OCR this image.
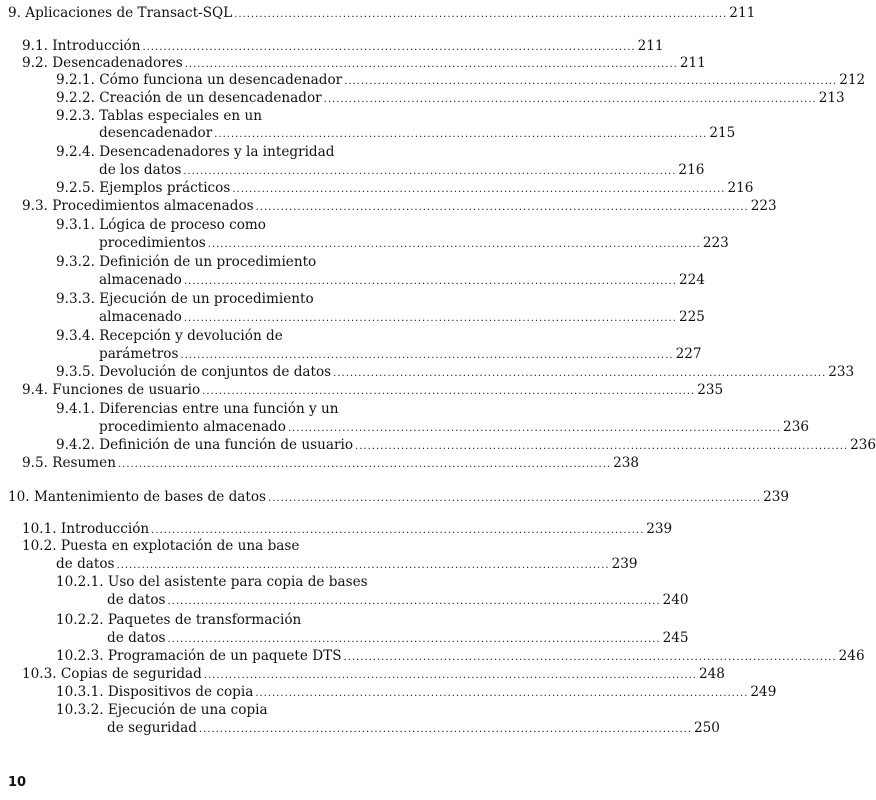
9. Aplicaciones de Transact-SQL ...................................................................................................................... 211
9.1. Introducción ...................................................................................................................... 211
9.2. Desencadenadores ...................................................................................................................... 211
9.2.1. Cómo funciona un desencadenador ...................................................................................................................... 212
9.2.2. Creación de un desencadenador ...................................................................................................................... 213
9.2.3. Tablas especiales en un
desencadenador ...................................................................................................................... 215
9.2.4. Desencadenadores y la integridad
de los datos ...................................................................................................................... 216
9.2.5. Ejemplos prácticos ...................................................................................................................... 216
9.3. Procedimientos almacenados ...................................................................................................................... 223
9.3.1. Lógica de proceso como
procedimientos ...................................................................................................................... 223
9.3.2. Definición de un procedimiento
almacenado ...................................................................................................................... 224
9.3.3. Ejecución de un procedimiento
almacenado ...................................................................................................................... 225
9.3.4. Recepción y devolución de
parámetros ...................................................................................................................... 227
9.3.5. Devolución de conjuntos de datos ...................................................................................................................... 233
9.4. Funciones de usuario ...................................................................................................................... 235
9.4.1. Diferencias entre una función y un
procedimiento almacenado ...................................................................................................................... 236
9.4.2. Definición de una función de usuario ...................................................................................................................... 236
9.5. Resumen ...................................................................................................................... 238
10. Mantenimiento de bases de datos ...................................................................................................................... 239
10.1. Introducción ...................................................................................................................... 239
10.2. Puesta en explotación de una base
de datos ...................................................................................................................... 239
10.2.1. Uso del asistente para copia de bases
de datos ...................................................................................................................... 240
10.2.2. Paquetes de transformación
de datos ...................................................................................................................... 245
10.2.3. Programación de un paquete DTS ...................................................................................................................... 246
10.3. Copias de seguridad ...................................................................................................................... 248
10.3.1. Dispositivos de copia ...................................................................................................................... 249
10.3.2. Ejecución de una copia
de seguridad ...................................................................................................................... 250
10
